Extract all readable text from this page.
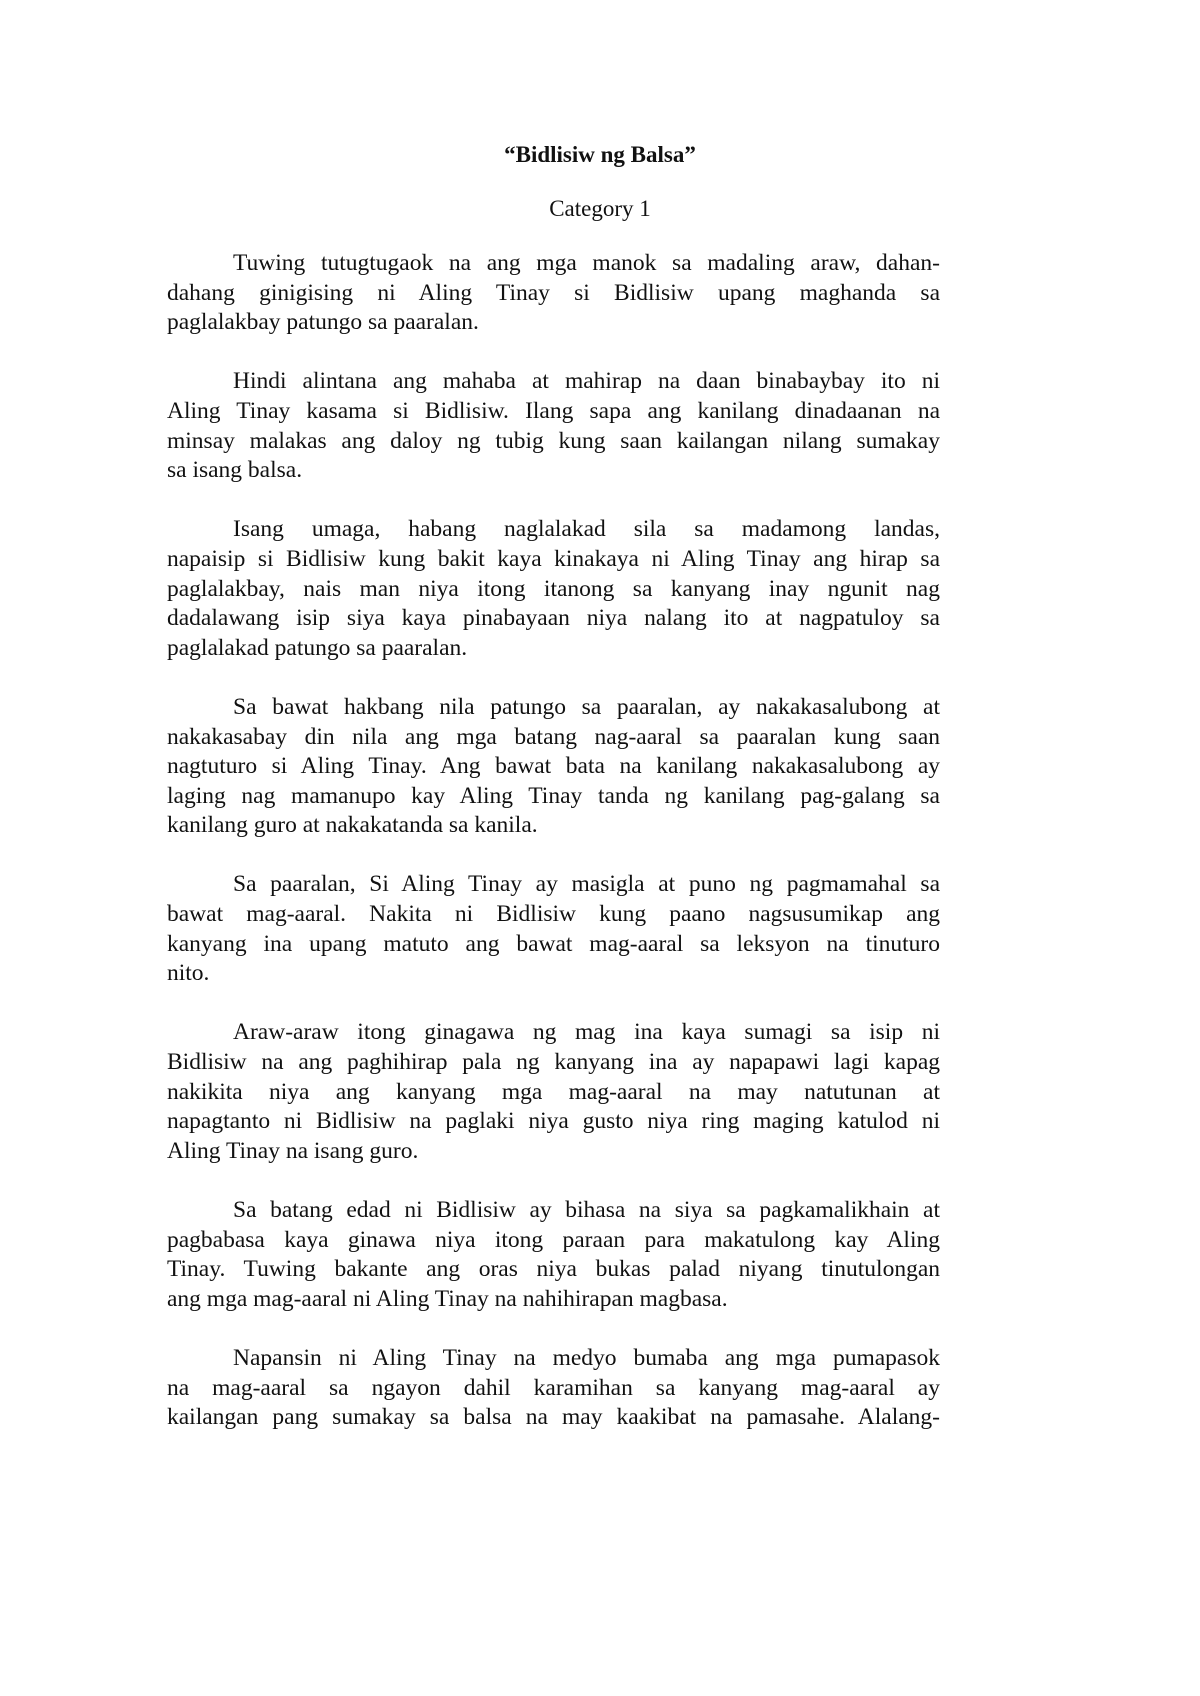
“Bidlisiw ng Balsa”
Category 1
Tuwing tutugtugaok na ang mga manok sa madaling araw, dahan-
dahang ginigising ni Aling Tinay si Bidlisiw upang maghanda sa
paglalakbay patungo sa paaralan.
Hindi alintana ang mahaba at mahirap na daan binabaybay ito ni
Aling Tinay kasama si Bidlisiw. Ilang sapa ang kanilang dinadaanan na
minsay malakas ang daloy ng tubig kung saan kailangan nilang sumakay
sa isang balsa.
Isang umaga, habang naglalakad sila sa madamong landas,
napaisip si Bidlisiw kung bakit kaya kinakaya ni Aling Tinay ang hirap sa
paglalakbay, nais man niya itong itanong sa kanyang inay ngunit nag
dadalawang isip siya kaya pinabayaan niya nalang ito at nagpatuloy sa
paglalakad patungo sa paaralan.
Sa bawat hakbang nila patungo sa paaralan, ay nakakasalubong at
nakakasabay din nila ang mga batang nag-aaral sa paaralan kung saan
nagtuturo si Aling Tinay. Ang bawat bata na kanilang nakakasalubong ay
laging nag mamanupo kay Aling Tinay tanda ng kanilang pag-galang sa
kanilang guro at nakakatanda sa kanila.
Sa paaralan, Si Aling Tinay ay masigla at puno ng pagmamahal sa
bawat mag-aaral. Nakita ni Bidlisiw kung paano nagsusumikap ang
kanyang ina upang matuto ang bawat mag-aaral sa leksyon na tinuturo
nito.
Araw-araw itong ginagawa ng mag ina kaya sumagi sa isip ni
Bidlisiw na ang paghihirap pala ng kanyang ina ay napapawi lagi kapag
nakikita niya ang kanyang mga mag-aaral na may natutunan at
napagtanto ni Bidlisiw na paglaki niya gusto niya ring maging katulod ni
Aling Tinay na isang guro.
Sa batang edad ni Bidlisiw ay bihasa na siya sa pagkamalikhain at
pagbabasa kaya ginawa niya itong paraan para makatulong kay Aling
Tinay. Tuwing bakante ang oras niya bukas palad niyang tinutulongan
ang mga mag-aaral ni Aling Tinay na nahihirapan magbasa.
Napansin ni Aling Tinay na medyo bumaba ang mga pumapasok
na mag-aaral sa ngayon dahil karamihan sa kanyang mag-aaral ay
kailangan pang sumakay sa balsa na may kaakibat na pamasahe. Alalang-
